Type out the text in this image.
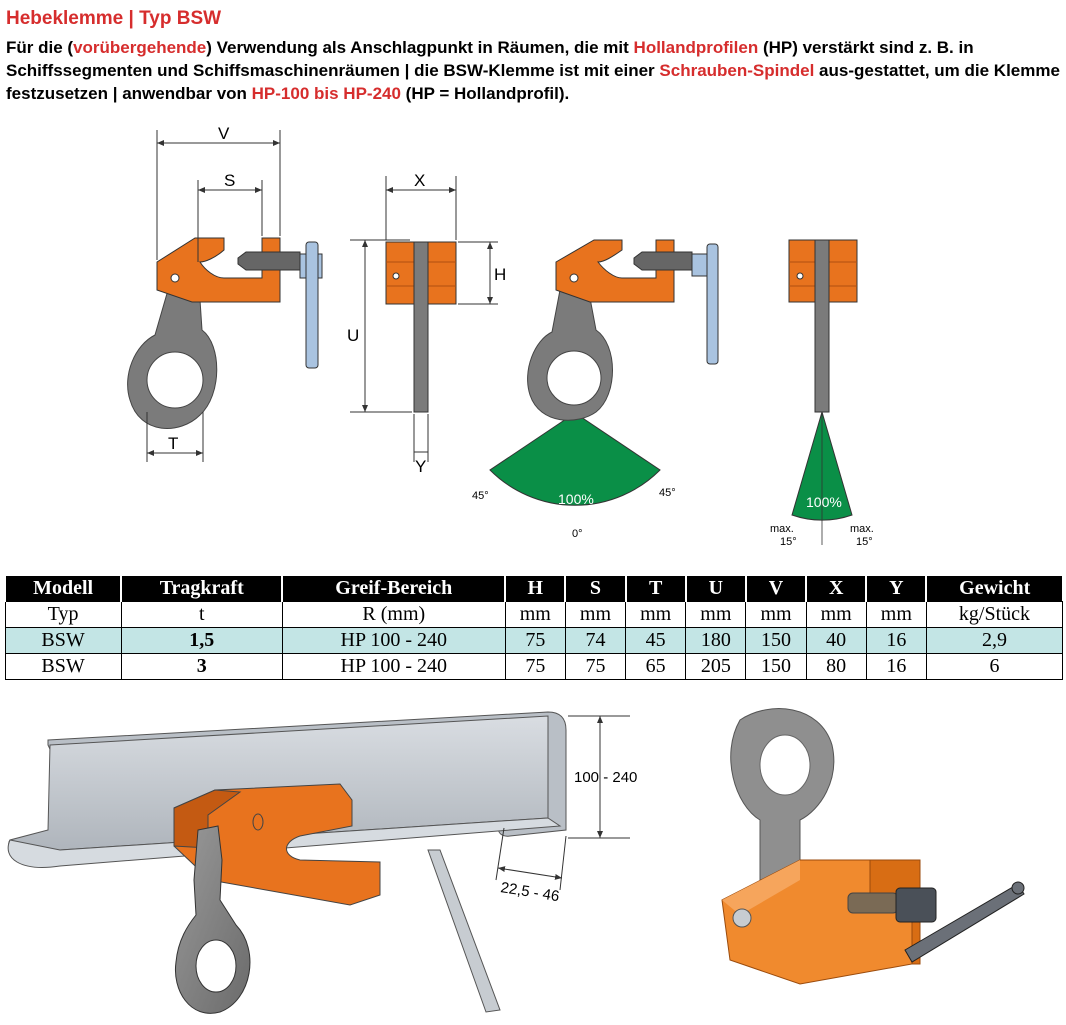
Hebeklemme | Typ BSW
Für die (vorübergehende) Verwendung als Anschlagpunkt in Räumen, die mit Hollandprofilen (HP) verstärkt sind z. B. in Schiffssegmenten und Schiffsmaschinenräumen | die BSW-Klemme ist mit einer Schrauben-Spindel aus-gestattet, um die Klemme festzusetzen | anwendbar von HP-100 bis HP-240 (HP = Hollandprofil).
V
S
T
X
H
U
Y
100%
45°	45°
0°
100%
max.
15°
max.
15°
100 - 240
22,5 - 46
Modell	Tragkraft	Greif-Bereich	H	S	T	U	V	X	Y	Gewicht
Typ	t	R (mm)	mm	mm	mm	mm	mm	mm	mm	kg/Stück
BSW	1,5	HP 100 - 240	75	74	45	180	150	40	16	2,9
BSW	3	HP 100 - 240	75	75	65	205	150	80	16	6
